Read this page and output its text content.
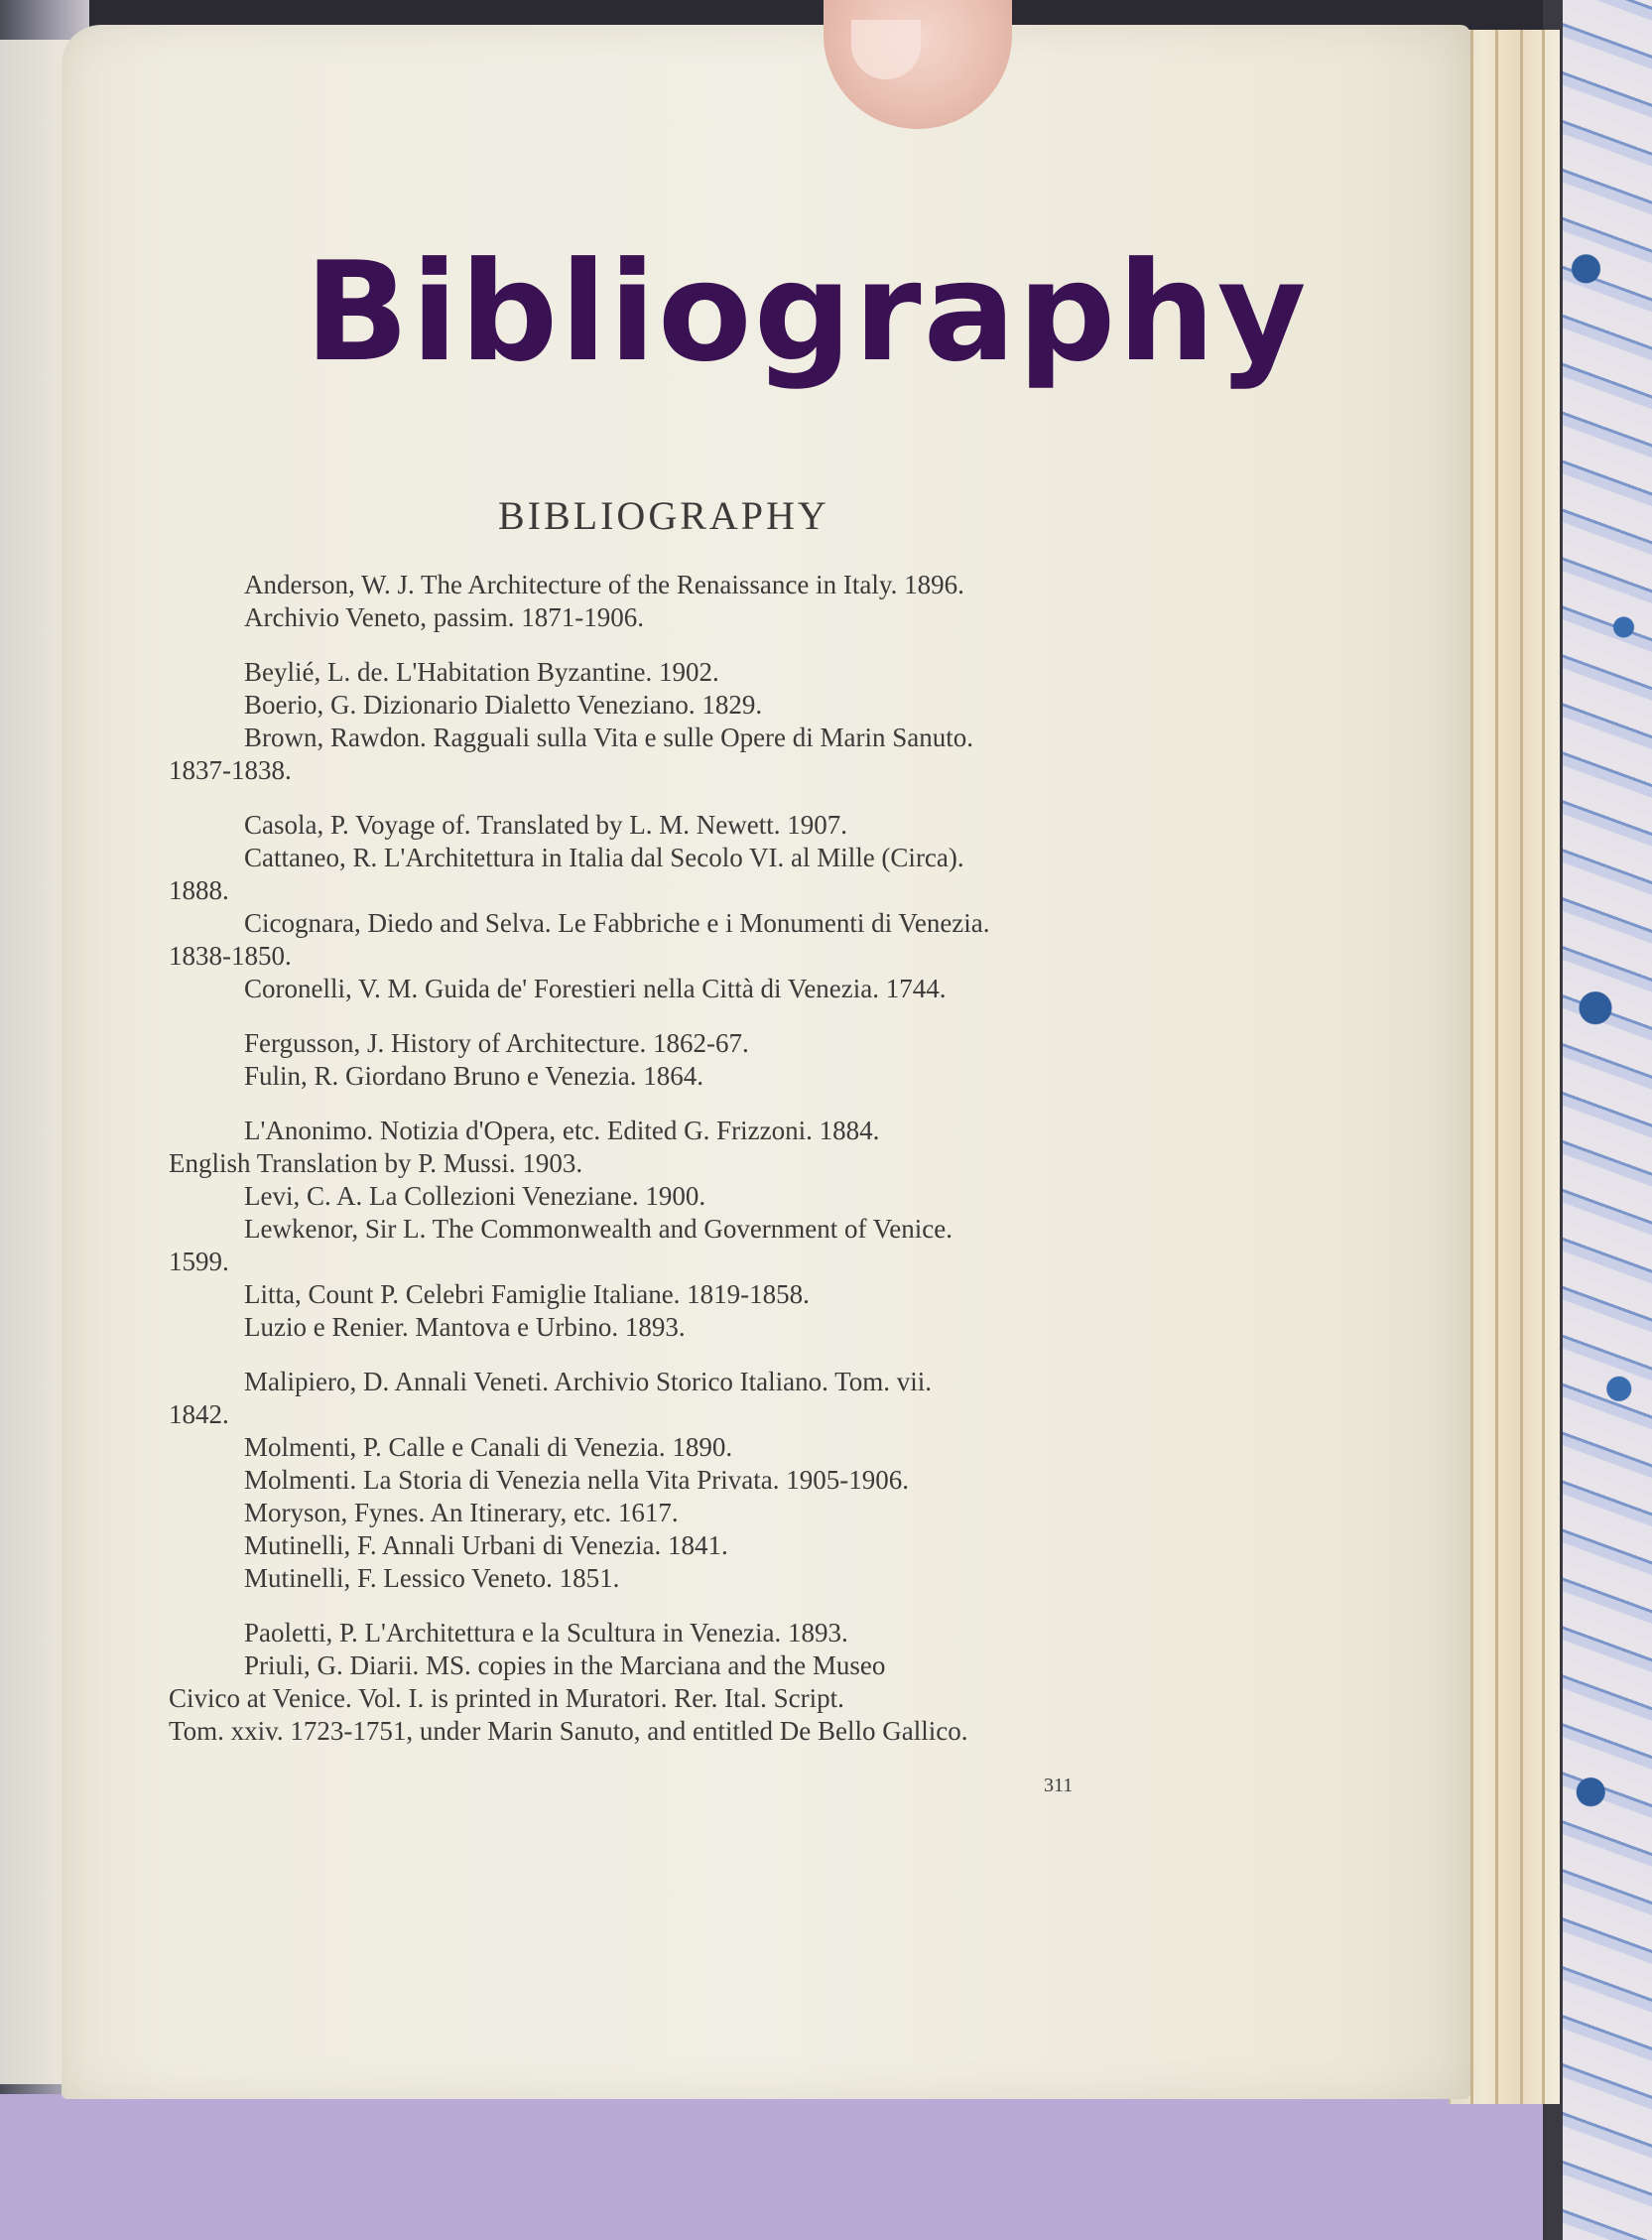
Bibliography
BIBLIOGRAPHY
Anderson, W. J. The Architecture of the Renaissance in Italy. 1896.
Archivio Veneto, passim. 1871-1906.
Beylié, L. de. L'Habitation Byzantine. 1902.
Boerio, G. Dizionario Dialetto Veneziano. 1829.
Brown, Rawdon. Ragguali sulla Vita e sulle Opere di Marin Sanuto.
1837-1838.
Casola, P. Voyage of. Translated by L. M. Newett. 1907.
Cattaneo, R. L'Architettura in Italia dal Secolo VI. al Mille (Circa).
1888.
Cicognara, Diedo and Selva. Le Fabbriche e i Monumenti di Venezia.
1838-1850.
Coronelli, V. M. Guida de' Forestieri nella Città di Venezia. 1744.
Fergusson, J. History of Architecture. 1862-67.
Fulin, R. Giordano Bruno e Venezia. 1864.
L'Anonimo. Notizia d'Opera, etc. Edited G. Frizzoni. 1884.
English Translation by P. Mussi. 1903.
Levi, C. A. La Collezioni Veneziane. 1900.
Lewkenor, Sir L. The Commonwealth and Government of Venice.
1599.
Litta, Count P. Celebri Famiglie Italiane. 1819-1858.
Luzio e Renier. Mantova e Urbino. 1893.
Malipiero, D. Annali Veneti. Archivio Storico Italiano. Tom. vii.
1842.
Molmenti, P. Calle e Canali di Venezia. 1890.
Molmenti. La Storia di Venezia nella Vita Privata. 1905-1906.
Moryson, Fynes. An Itinerary, etc. 1617.
Mutinelli, F. Annali Urbani di Venezia. 1841.
Mutinelli, F. Lessico Veneto. 1851.
Paoletti, P. L'Architettura e la Scultura in Venezia. 1893.
Priuli, G. Diarii. MS. copies in the Marciana and the Museo
Civico at Venice. Vol. I. is printed in Muratori. Rer. Ital. Script.
Tom. xxiv. 1723-1751, under Marin Sanuto, and entitled De Bello Gallico.
311
